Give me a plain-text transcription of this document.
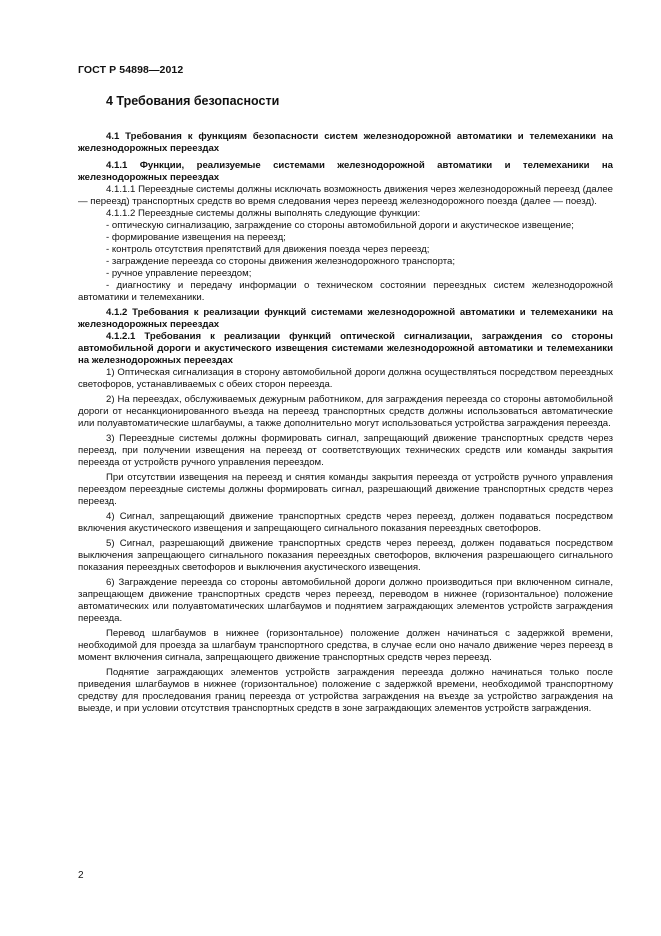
ГОСТ Р 54898—2012
4 Требования безопасности
4.1 Требования к функциям безопасности систем железнодорожной автоматики и телемеханики на железнодорожных переездах
4.1.1 Функции, реализуемые системами железнодорожной автоматики и телемеханики на железнодорожных переездах
4.1.1.1 Переездные системы должны исключать возможность движения через железнодорожный переезд (далее — переезд) транспортных средств во время следования через переезд железнодорожного поезда (далее — поезд).
4.1.1.2 Переездные системы должны выполнять следующие функции:
- оптическую сигнализацию, заграждение со стороны автомобильной дороги и акустическое извещение;
- формирование извещения на переезд;
- контроль отсутствия препятствий для движения поезда через переезд;
- заграждение переезда со стороны движения железнодорожного транспорта;
- ручное управление переездом;
- диагностику и передачу информации о техническом состоянии переездных систем железнодорожной автоматики и телемеханики.
4.1.2 Требования к реализации функций системами железнодорожной автоматики и телемеханики на железнодорожных переездах
4.1.2.1 Требования к реализации функций оптической сигнализации, заграждения со стороны автомобильной дороги и акустического извещения системами железнодорожной автоматики и телемеханики на железнодорожных переездах
1) Оптическая сигнализация в сторону автомобильной дороги должна осуществляться посредством переездных светофоров, устанавливаемых с обеих сторон переезда.
2) На переездах, обслуживаемых дежурным работником, для заграждения переезда со стороны автомобильной дороги от несанкционированного въезда на переезд транспортных средств должны использоваться автоматические или полуавтоматические шлагбаумы, а также дополнительно могут использоваться устройства заграждения переезда.
3) Переездные системы должны формировать сигнал, запрещающий движение транспортных средств через переезд, при получении извещения на переезд от соответствующих технических средств или команды закрытия переезда от устройств ручного управления переездом.
При отсутствии извещения на переезд и снятия команды закрытия переезда от устройств ручного управления переездом переездные системы должны формировать сигнал, разрешающий движение транспортных средств через переезд.
4) Сигнал, запрещающий движение транспортных средств через переезд, должен подаваться посредством включения акустического извещения и запрещающего сигнального показания переездных светофоров.
5) Сигнал, разрешающий движение транспортных средств через переезд, должен подаваться посредством выключения запрещающего сигнального показания переездных светофоров, включения разрешающего сигнального показания переездных светофоров и выключения акустического извещения.
6) Заграждение переезда со стороны автомобильной дороги должно производиться при включенном сигнале, запрещающем движение транспортных средств через переезд, переводом в нижнее (горизонтальное) положение автоматических или полуавтоматических шлагбаумов и поднятием заграждающих элементов устройств заграждения переезда.
Перевод шлагбаумов в нижнее (горизонтальное) положение должен начинаться с задержкой времени, необходимой для проезда за шлагбаум транспортного средства, в случае если оно начало движение через переезд в момент включения сигнала, запрещающего движение транспортных средств через переезд.
Поднятие заграждающих элементов устройств заграждения переезда должно начинаться только после приведения шлагбаумов в нижнее (горизонтальное) положение с задержкой времени, необходимой транспортному средству для проследования границ переезда от устройства заграждения на въезде за устройство заграждения на выезде, и при условии отсутствия транспортных средств в зоне заграждающих элементов устройств заграждения.
2
